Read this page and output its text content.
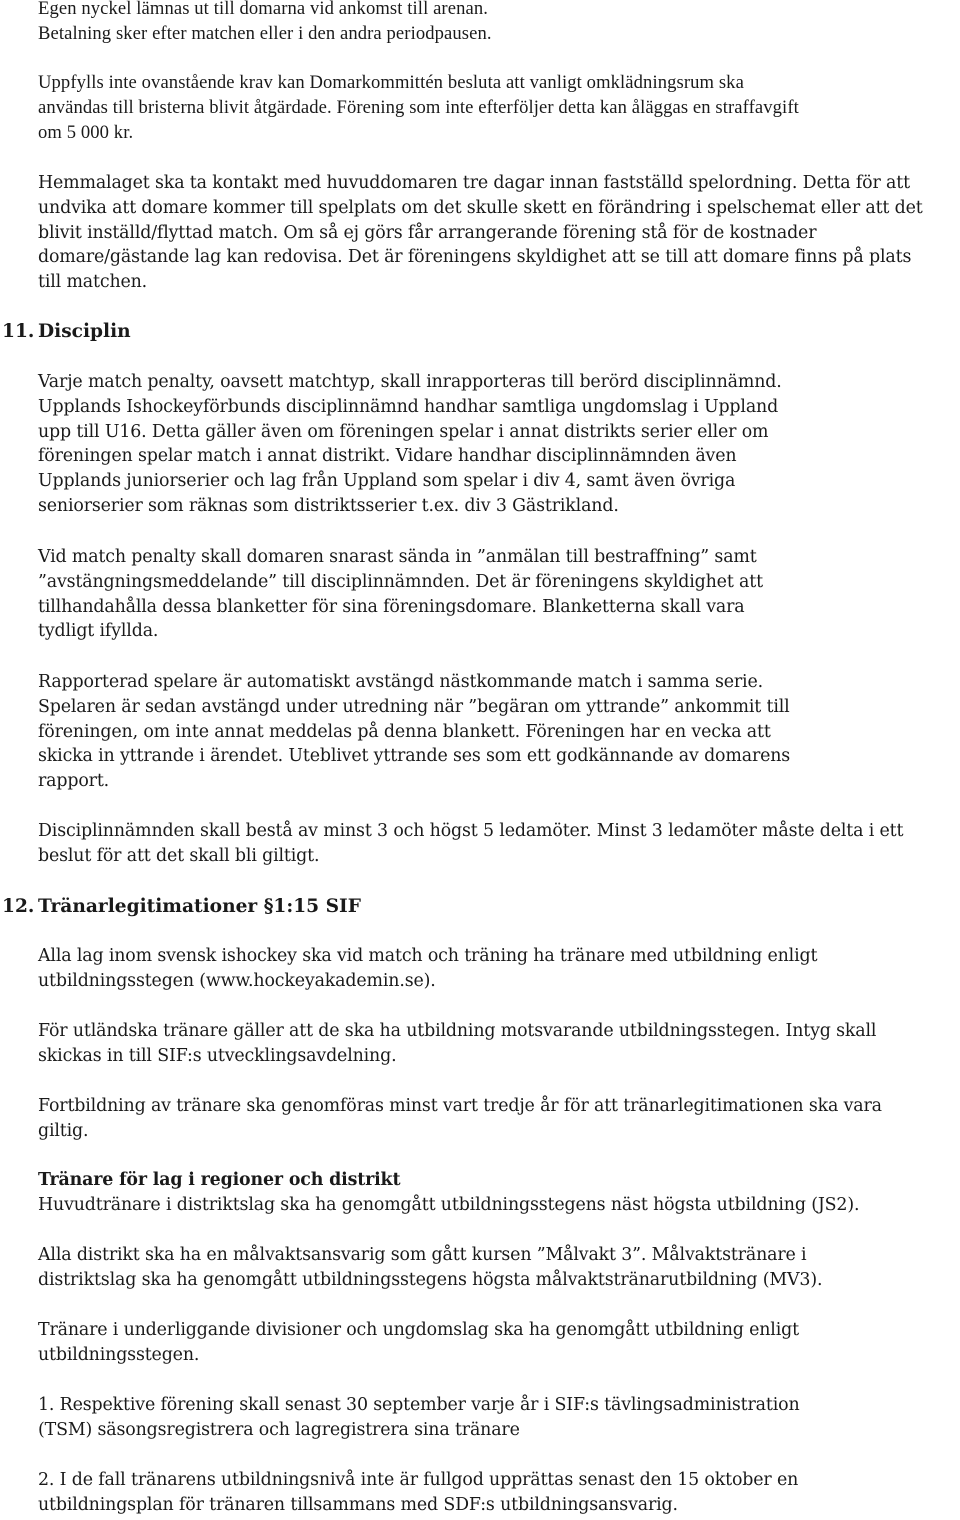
Egen nyckel lämnas ut till domarna vid ankomst till arenan.
Betalning sker efter matchen eller i den andra periodpausen.
Uppfylls inte ovanstående krav kan Domarkommittén besluta att vanligt omklädningsrum ska
användas till bristerna blivit åtgärdade. Förening som inte efterföljer detta kan åläggas en straffavgift
om 5 000 kr.
Hemmalaget ska ta kontakt med huvuddomaren tre dagar innan fastställd spelordning. Detta för att
undvika att domare kommer till spelplats om det skulle skett en förändring i spelschemat eller att det
blivit inställd/flyttad match. Om så ej görs får arrangerande förening stå för de kostnader
domare/gästande lag kan redovisa. Det är föreningens skyldighet att se till att domare finns på plats
till matchen.
11. Disciplin
Varje match penalty, oavsett matchtyp, skall inrapporteras till berörd disciplinnämnd.
Upplands Ishockeyförbunds disciplinnämnd handhar samtliga ungdomslag i Uppland
upp till U16. Detta gäller även om föreningen spelar i annat distrikts serier eller om
föreningen spelar match i annat distrikt. Vidare handhar disciplinnämnden även
Upplands juniorserier och lag från Uppland som spelar i div 4, samt även övriga
seniorserier som räknas som distriktsserier t.ex. div 3 Gästrikland.
Vid match penalty skall domaren snarast sända in ”anmälan till bestraffning” samt
”avstängningsmeddelande” till disciplinnämnden. Det är föreningens skyldighet att
tillhandahålla dessa blanketter för sina föreningsdomare. Blanketterna skall vara
tydligt ifyllda.
Rapporterad spelare är automatiskt avstängd nästkommande match i samma serie.
Spelaren är sedan avstängd under utredning när ”begäran om yttrande” ankommit till
föreningen, om inte annat meddelas på denna blankett. Föreningen har en vecka att
skicka in yttrande i ärendet. Uteblivet yttrande ses som ett godkännande av domarens
rapport.
Disciplinnämnden skall bestå av minst 3 och högst 5 ledamöter. Minst 3 ledamöter måste delta i ett
beslut för att det skall bli giltigt.
12. Tränarlegitimationer §1:15 SIF
Alla lag inom svensk ishockey ska vid match och träning ha tränare med utbildning enligt
utbildningsstegen (www.hockeyakademin.se).
För utländska tränare gäller att de ska ha utbildning motsvarande utbildningsstegen. Intyg skall
skickas in till SIF:s utvecklingsavdelning.
Fortbildning av tränare ska genomföras minst vart tredje år för att tränarlegitimationen ska vara
giltig.
Tränare för lag i regioner och distrikt
Huvudtränare i distriktslag ska ha genomgått utbildningsstegens näst högsta utbildning (JS2).
Alla distrikt ska ha en målvaktsansvarig som gått kursen ”Målvakt 3”. Målvaktstränare i
distriktslag ska ha genomgått utbildningsstegens högsta målvaktstränarutbildning (MV3).
Tränare i underliggande divisioner och ungdomslag ska ha genomgått utbildning enligt
utbildningsstegen.
1. Respektive förening skall senast 30 september varje år i SIF:s tävlingsadministration
(TSM) säsongsregistrera och lagregistrera sina tränare
2. I de fall tränarens utbildningsnivå inte är fullgod upprättas senast den 15 oktober en
utbildningsplan för tränaren tillsammans med SDF:s utbildningsansvarig.
